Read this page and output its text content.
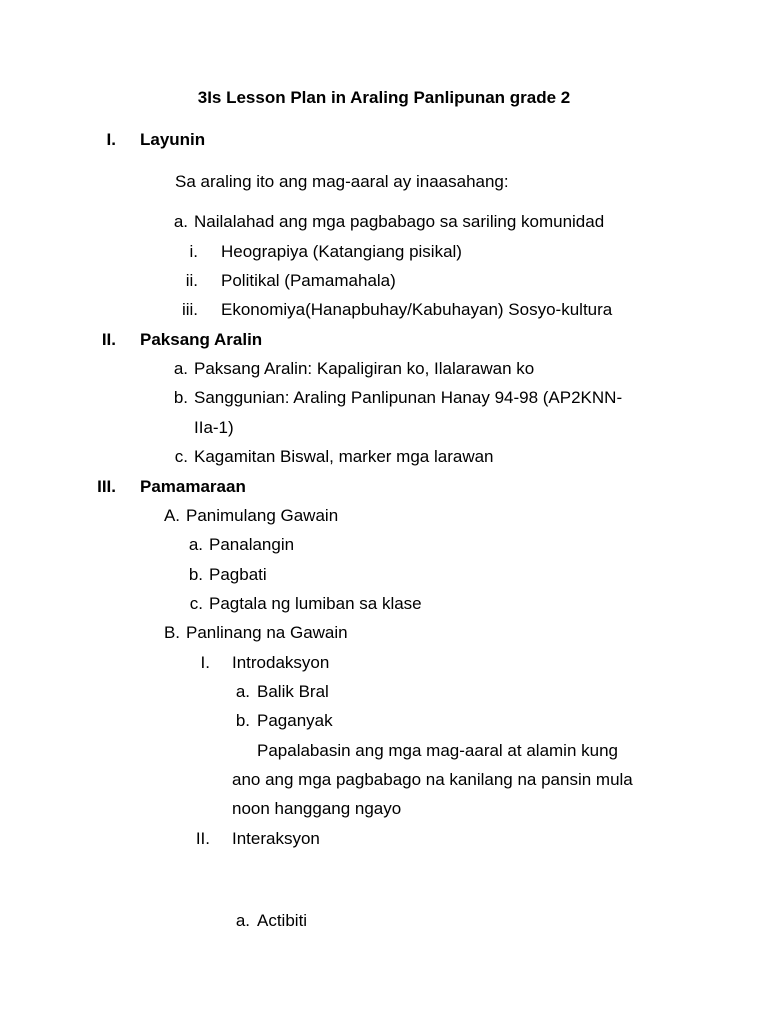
3Is Lesson Plan in Araling Panlipunan grade 2
I. Layunin
Sa araling ito ang mag-aaral ay inaasahang:
a. Nailalahad ang mga pagbabago sa sariling komunidad
i. Heograpiya (Katangiang pisikal)
ii. Politikal (Pamamahala)
iii. Ekonomiya(Hanapbuhay/Kabuhayan) Sosyo-kultura
II. Paksang Aralin
a. Paksang Aralin: Kapaligiran ko, Ilalarawan ko
b. Sanggunian: Araling Panlipunan Hanay 94-98 (AP2KNN-
IIa-1)
c. Kagamitan Biswal, marker mga larawan
III. Pamamaraan
A. Panimulang Gawain
a. Panalangin
b. Pagbati
c. Pagtala ng lumiban sa klase
B. Panlinang na Gawain
I. Introdaksyon
a. Balik Bral
b. Paganyak
Papalabasin ang mga mag-aaral at alamin kung
ano ang mga pagbabago na kanilang na pansin mula
noon hanggang ngayo
II. Interaksyon
a. Actibiti
